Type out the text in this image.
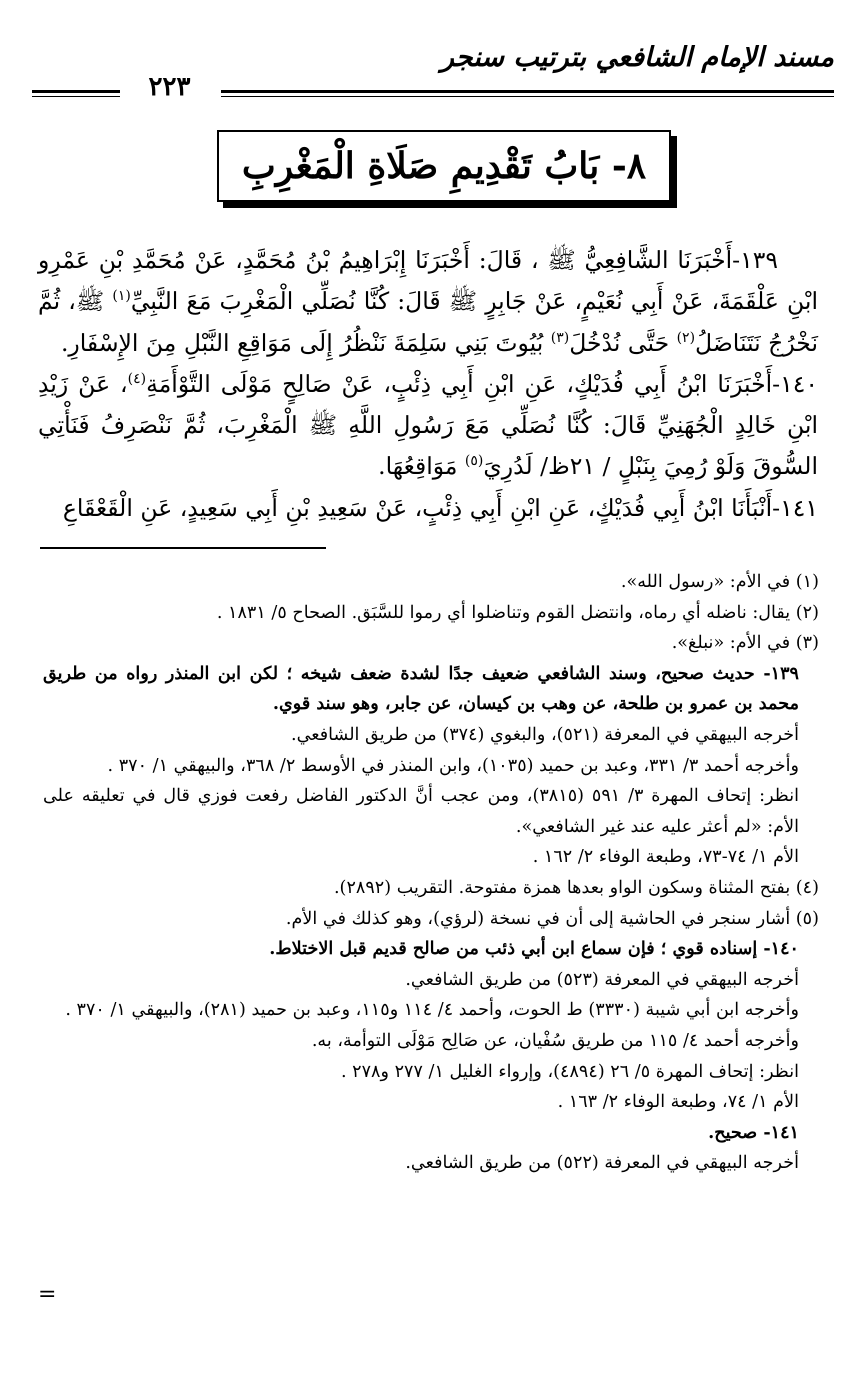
مسند الإمام الشافعي بترتيب سنجر
٢٢٣
٨- بَابُ تَقْدِيمِ صَلَاةِ الْمَغْرِبِ

١٣٩-أَخْبَرَنَا الشَّافِعِيُّ ﷺ ، قَالَ: أَخْبَرَنَا إِبْرَاهِيمُ بْنُ مُحَمَّدٍ، عَنْ مُحَمَّدِ بْنِ عَمْرِو ابْنِ عَلْقَمَةَ، عَنْ أَبِي نُعَيْمٍ، عَنْ جَابِرٍ ﷺ قَالَ: كُنَّا نُصَلِّي الْمَغْرِبَ مَعَ النَّبِيِّ$^{(١)}$ ﷺ، ثُمَّ نَخْرُجُ نَتَنَاضَلُ$^{(٢)}$ حَتَّى نُدْخُلَ$^{(٣)}$ بُيُوتَ بَنِي سَلِمَةَ نَنْظُرُ إِلَى مَوَاقِعِ النَّبْلِ مِنَ الإِسْفَارِ.

١٤٠-أَخْبَرَنَا ابْنُ أَبِي فُدَيْكٍ، عَنِ ابْنِ أَبِي ذِئْبٍ، عَنْ صَالِحٍ مَوْلَى التَّوْأَمَةِ$^{(٤)}$، عَنْ زَيْدِ ابْنِ خَالِدٍ الْجُهَنِيِّ قَالَ: كُنَّا نُصَلِّي مَعَ رَسُولِ اللَّهِ ﷺ الْمَغْرِبَ، ثُمَّ نَنْصَرِفُ فَنَأْتِي السُّوقَ وَلَوْ رُمِيَ بِنَبْلٍ / ٢١ظ/ لَدُرِيَ$^{(٥)}$ مَوَاقِعُهَا.

١٤١-أَنْبَأَنَا ابْنُ أَبِي فُدَيْكٍ، عَنِ ابْنِ أَبِي ذِئْبٍ، عَنْ سَعِيدِ بْنِ أَبِي سَعِيدٍ، عَنِ الْقَعْقَاعِ

(١) في الأم: «رسول الله».

(٢) يقال: ناضله أي رماه، وانتضل القوم وتناضلوا أي رموا للسَّبَق. الصحاح ٥/ ١٨٣١ .

(٣) في الأم: «نبلغ».

١٣٩- حديث صحيح، وسند الشافعي ضعيف جدًا لشدة ضعف شيخه ؛ لكن ابن المنذر رواه من طريق محمد بن عمرو بن طلحة، عن وهب بن كيسان، عن جابر، وهو سند قوي.

أخرجه البيهقي في المعرفة (٥٢١)، والبغوي (٣٧٤) من طريق الشافعي.

وأخرجه أحمد ٣/ ٣٣١، وعبد بن حميد (١٠٣٥)، وابن المنذر في الأوسط ٢/ ٣٦٨، والبيهقي ١/ ٣٧٠ .

انظر: إتحاف المهرة ٣/ ٥٩١ (٣٨١٥)، ومن عجب أنَّ الدكتور الفاضل رفعت فوزي قال في تعليقه على الأم: «لم أعثر عليه عند غير الشافعي».

الأم ١/ ٧٤-٧٣، وطبعة الوفاء ٢/ ١٦٢ .

(٤) بفتح المثناة وسكون الواو بعدها همزة مفتوحة. التقريب (٢٨٩٢).

(٥) أشار سنجر في الحاشية إلى أن في نسخة (لرؤي)، وهو كذلك في الأم.

١٤٠- إسناده قوي ؛ فإن سماع ابن أبي ذئب من صالح قديم قبل الاختلاط.

أخرجه البيهقي في المعرفة (٥٢٣) من طريق الشافعي.

وأخرجه ابن أبي شيبة (٣٣٣٠) ط الحوت، وأحمد ٤/ ١١٤ و١١٥، وعبد بن حميد (٢٨١)، والبيهقي ١/ ٣٧٠ .

وأخرجه أحمد ٤/ ١١٥ من طريق سُفْيان، عن صَالِح مَوْلَى التوأمة، به.

انظر: إتحاف المهرة ٥/ ٢٦ (٤٨٩٤)، وإرواء الغليل ١/ ٢٧٧ و٢٧٨ .

الأم ١/ ٧٤، وطبعة الوفاء ٢/ ١٦٣ .

١٤١- صحيح.

أخرجه البيهقي في المعرفة (٥٢٢) من طريق الشافعي.

=
